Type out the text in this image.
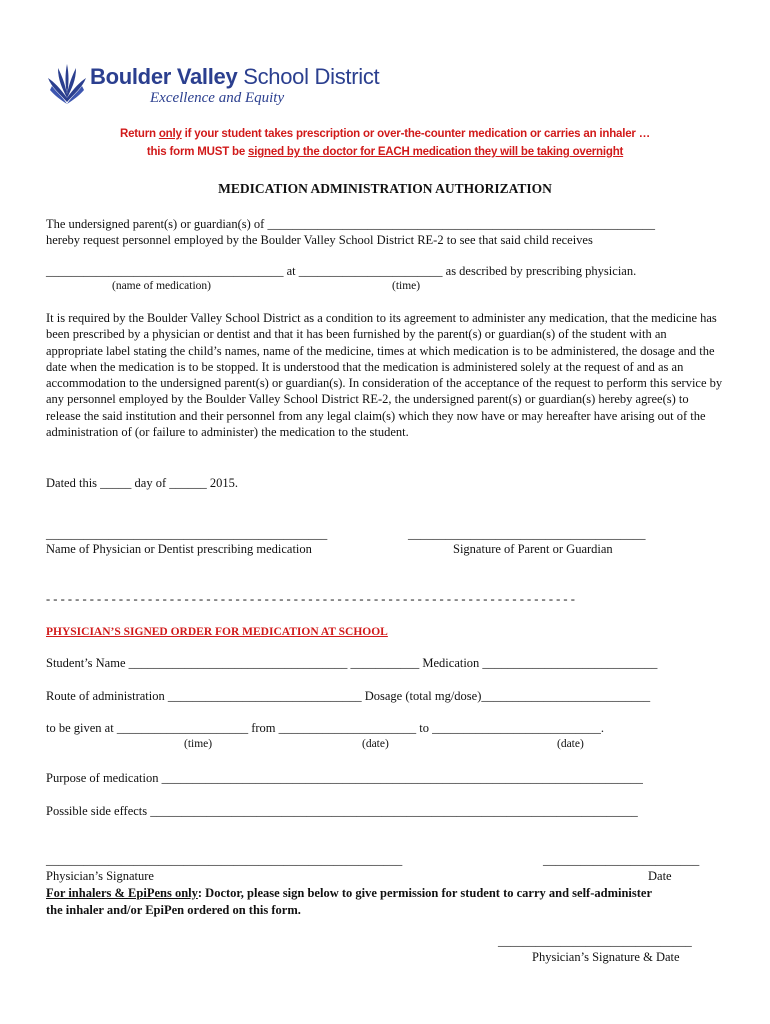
Boulder Valley School District
Excellence and Equity
Return only if your student takes prescription or over-the-counter medication or carries an inhaler …
this form MUST be signed by the doctor for EACH medication they will be taking overnight
MEDICATION ADMINISTRATION AUTHORIZATION
The undersigned parent(s) or guardian(s) of ______________________________________________________________
hereby request personnel employed by the Boulder Valley School District RE-2 to see that said child receives
______________________________________ at _______________________ as described by prescribing physician.
(name of medication)	(time)
It is required by the Boulder Valley School District as a condition to its agreement to administer any medication, that the medicine has been prescribed by a physician or dentist and that it has been furnished by the parent(s) or guardian(s) of the student with an appropriate label stating the child’s names, name of the medicine, times at which medication is to be administered, the dosage and the date when the medication is to be stopped. It is understood that the medication is administered solely at the request of and as an accommodation to the undersigned parent(s) or guardian(s). In consideration of the acceptance of the request to perform this service by any personnel employed by the Boulder Valley School District RE-2, the undersigned parent(s) or guardian(s) hereby agree(s) to release the said institution and their personnel from any legal claim(s) which they now have or may hereafter have arising out of the administration of (or failure to administer) the medication to the student.
Dated this _____ day of ______ 2015.
_____________________________________________	______________________________________
Name of Physician or Dentist prescribing medication	Signature of Parent or Guardian
- - - - - - - - - - - - - - - - - - - - - - - - - - - - - - - - - - - - - - - - - - - - - - - - - - - - - - - - - - - - - - - - - - - - - - - - -
PHYSICIAN’S SIGNED ORDER FOR MEDICATION AT SCHOOL
Student’s Name ___________________________________ ___________ Medication ____________________________
Route of administration _______________________________ Dosage (total mg/dose)___________________________
to be given at _____________________ from ______________________ to ___________________________.
(time)	(date)	(date)
Purpose of medication _____________________________________________________________________________
Possible side effects ______________________________________________________________________________
_________________________________________________________	_________________________
Physician’s Signature	Date
For inhalers & EpiPens only: Doctor, please sign below to give permission for student to carry and self-administer
the inhaler and/or EpiPen ordered on this form.
_______________________________
Physician’s Signature & Date
